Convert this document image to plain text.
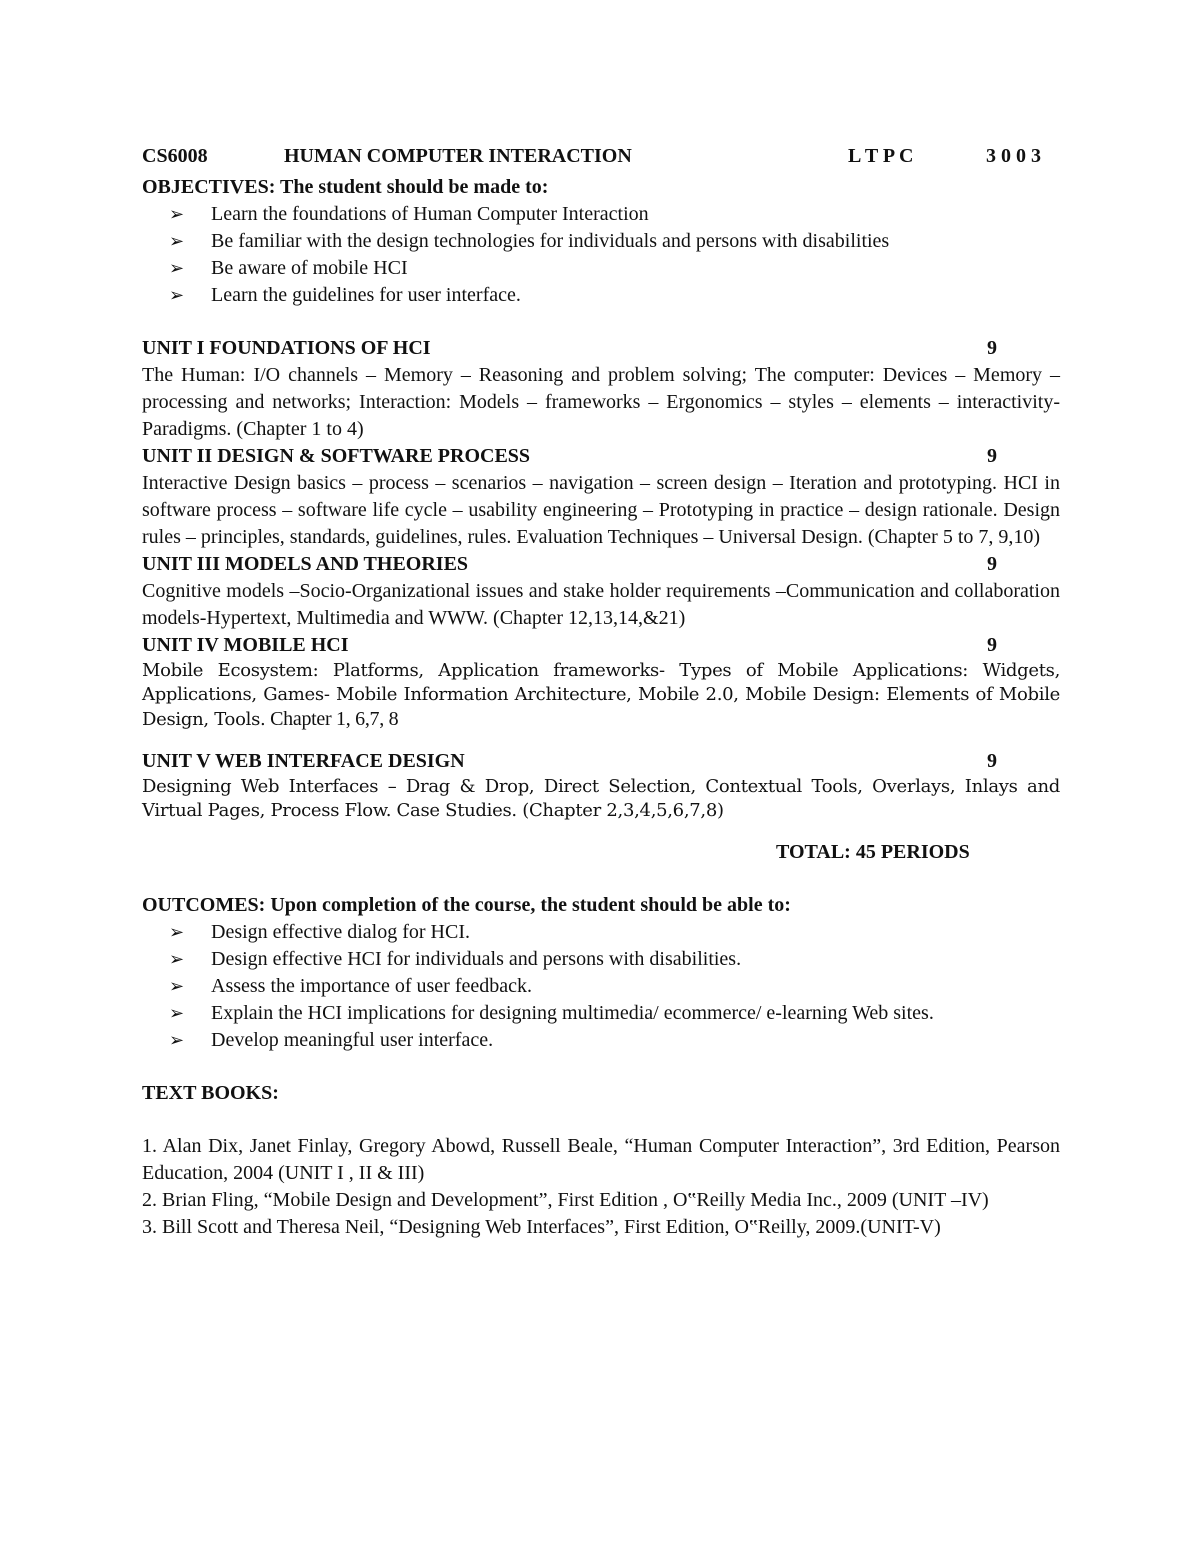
CS6008	HUMAN COMPUTER INTERACTION	L T P C	3 0 0 3
OBJECTIVES: The student should be made to:
➢ Learn the foundations of Human Computer Interaction
➢ Be familiar with the design technologies for individuals and persons with disabilities
➢ Be aware of mobile HCI
➢ Learn the guidelines for user interface.
UNIT I FOUNDATIONS OF HCI	9
The Human: I/O channels – Memory – Reasoning and problem solving; The computer: Devices – Memory – processing and networks; Interaction: Models – frameworks – Ergonomics – styles – elements – interactivity- Paradigms. (Chapter 1 to 4)
UNIT II DESIGN & SOFTWARE PROCESS	9
Interactive Design basics – process – scenarios – navigation – screen design – Iteration and prototyping. HCI in software process – software life cycle – usability engineering – Prototyping in practice – design rationale. Design rules – principles, standards, guidelines, rules. Evaluation Techniques – Universal Design. (Chapter 5 to 7, 9,10)
UNIT III MODELS AND THEORIES	9
Cognitive models –Socio-Organizational issues and stake holder requirements –Communication and collaboration models-Hypertext, Multimedia and WWW. (Chapter 12,13,14,&21)
UNIT IV MOBILE HCI	9
Mobile Ecosystem: Platforms, Application frameworks- Types of Mobile Applications: Widgets, Applications, Games- Mobile Information Architecture, Mobile 2.0, Mobile Design: Elements of Mobile Design, Tools. Chapter 1, 6,7, 8
UNIT V WEB INTERFACE DESIGN	9
Designing Web Interfaces – Drag & Drop, Direct Selection, Contextual Tools, Overlays, Inlays and Virtual Pages, Process Flow. Case Studies. (Chapter 2,3,4,5,6,7,8)
TOTAL: 45 PERIODS
OUTCOMES: Upon completion of the course, the student should be able to:
➢ Design effective dialog for HCI.
➢ Design effective HCI for individuals and persons with disabilities.
➢ Assess the importance of user feedback.
➢ Explain the HCI implications for designing multimedia/ ecommerce/ e-learning Web sites.
➢ Develop meaningful user interface.
TEXT BOOKS:
1. Alan Dix, Janet Finlay, Gregory Abowd, Russell Beale, “Human Computer Interaction”, 3rd Edition, Pearson Education, 2004 (UNIT I , II & III)
2. Brian Fling, “Mobile Design and Development”, First Edition , O‟Reilly Media Inc., 2009 (UNIT –IV)
3. Bill Scott and Theresa Neil, “Designing Web Interfaces”, First Edition, O‟Reilly, 2009.(UNIT-V)
